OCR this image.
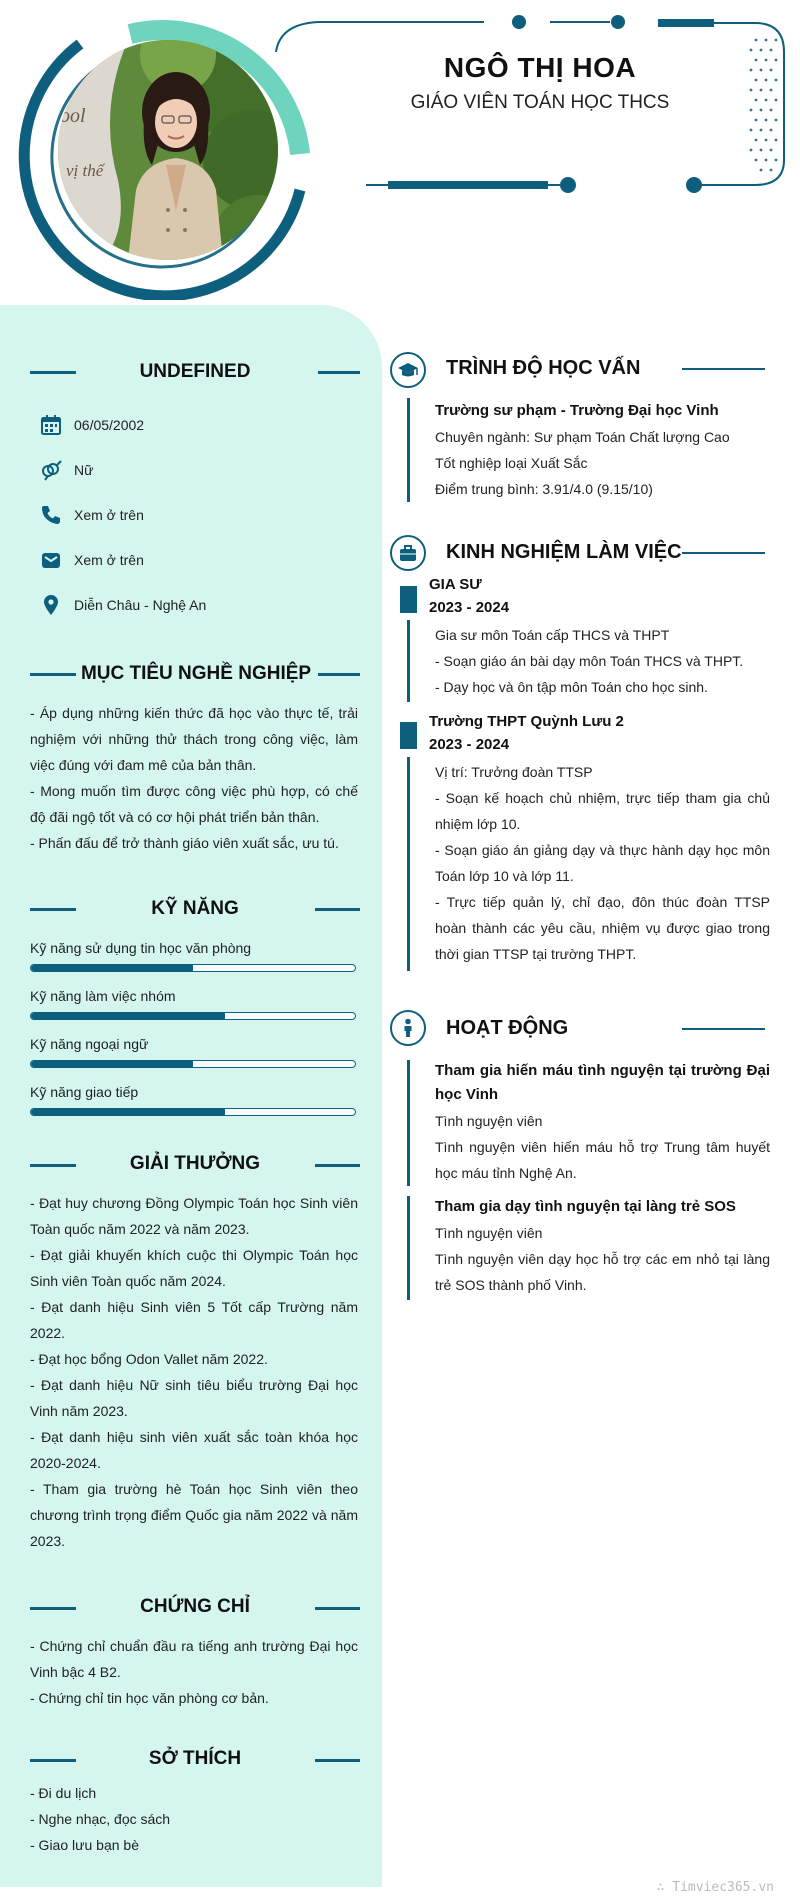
ool
vị thế
NGÔ THỊ HOA
GIÁO VIÊN TOÁN HỌC THCS
UNDEFINED
06/05/2002
Nữ
Xem ở trên
Xem ở trên
Diễn Châu - Nghệ An
MỤC TIÊU NGHỀ NGHIỆP

- Áp dụng những kiến thức đã học vào thực tế, trải nghiệm với những thử thách trong công việc, làm việc đúng với đam mê của bản thân.

- Mong muốn tìm được công việc phù hợp, có chế độ đãi ngộ tốt và có cơ hội phát triển bản thân.

- Phấn đấu để trở thành giáo viên xuất sắc, ưu tú.

KỸ NĂNG
Kỹ năng sử dụng tin học văn phòng
Kỹ năng làm việc nhóm
Kỹ năng ngoại ngữ
Kỹ năng giao tiếp
GIẢI THƯỞNG

- Đạt huy chương Đồng Olympic Toán học Sinh viên Toàn quốc năm 2022 và năm 2023.

- Đạt giải khuyến khích cuộc thi Olympic Toán học Sinh viên Toàn quốc năm 2024.

- Đạt danh hiệu Sinh viên 5 Tốt cấp Trường năm 2022.

- Đạt học bổng Odon Vallet năm 2022.

- Đạt danh hiệu Nữ sinh tiêu biểu trường Đại học Vinh năm 2023.

- Đạt danh hiệu sinh viên xuất sắc toàn khóa học 2020-2024.

- Tham gia trường hè Toán học Sinh viên theo chương trình trọng điểm Quốc gia năm 2022 và năm 2023.

CHỨNG CHỈ

- Chứng chỉ chuẩn đầu ra tiếng anh trường Đại học Vinh bậc 4 B2.

- Chứng chỉ tin học văn phòng cơ bản.

SỞ THÍCH

- Đi du lịch

- Nghe nhạc, đọc sách

- Giao lưu bạn bè

TRÌNH ĐỘ HỌC VẤN
Trường sư phạm - Trường Đại học Vinh

Chuyên ngành: Sư phạm Toán Chất lượng Cao

Tốt nghiệp loại Xuất Sắc

Điểm trung bình: 3.91/4.0 (9.15/10)

KINH NGHIỆM LÀM VIỆC
GIA SƯ
2023 - 2024

Gia sư môn Toán cấp THCS và THPT

- Soạn giáo án bài dạy môn Toán THCS và THPT.

- Dạy học và ôn tập môn Toán cho học sinh.

Trường THPT Quỳnh Lưu 2
2023 - 2024

Vị trí: Trưởng đoàn TTSP

- Soạn kế hoạch chủ nhiệm, trực tiếp tham gia chủ nhiệm lớp 10.

- Soạn giáo án giảng dạy và thực hành dạy học môn Toán lớp 10 và lớp 11.

- Trực tiếp quản lý, chỉ đạo, đôn thúc đoàn TTSP hoàn thành các yêu cầu, nhiệm vụ được giao trong thời gian TTSP tại trường THPT.

HOẠT ĐỘNG
Tham gia hiến máu tình nguyện tại trường Đại học Vinh

Tình nguyện viên

Tình nguyện viên hiến máu hỗ trợ Trung tâm huyết học máu tỉnh Nghệ An.

Tham gia dạy tình nguyện tại làng trẻ SOS

Tình nguyện viên

Tình nguyện viên dạy học hỗ trợ các em nhỏ tại làng trẻ SOS thành phố Vinh.

∴ Timviec365.vn
